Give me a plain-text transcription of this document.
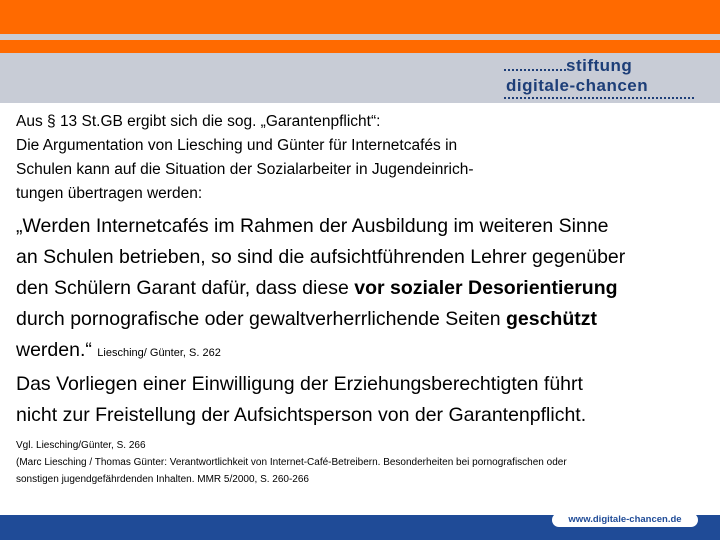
stiftung
digitale-chancen

Aus § 13 St.GB ergibt sich die sog. „Garantenpflicht“:

Die Argumentation von Liesching und Günter für Internetcafés in

Schulen kann auf die Situation der Sozialarbeiter in Jugendeinrich-

tungen übertragen werden:

„Werden Internetcafés im Rahmen der Ausbildung im weiteren Sinne

an Schulen betrieben, so sind die aufsichtführenden Lehrer gegenüber

den Schülern Garant dafür, dass diese vor sozialer Desorientierung

durch pornografische oder gewaltverherrlichende Seiten geschützt

werden.“ Liesching/ Günter, S. 262

Das Vorliegen einer Einwilligung der Erziehungsberechtigten führt

nicht zur Freistellung der Aufsichtsperson von der Garantenpflicht.

Vgl. Liesching/Günter, S. 266
(Marc Liesching / Thomas Günter: Verantwortlichkeit von Internet-Café-Betreibern. Besonderheiten bei pornografischen oder
sonstigen jugendgefährdenden Inhalten. MMR 5/2000, S. 260-266
www.digitale-chancen.de
